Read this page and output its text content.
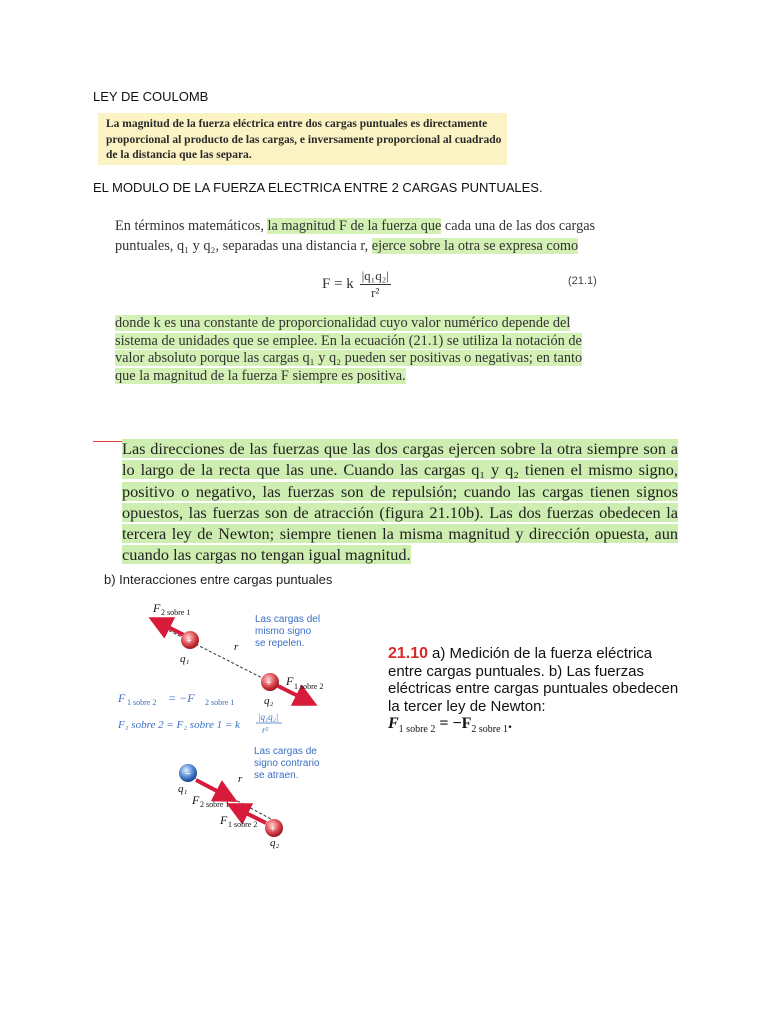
LEY DE COULOMB
La magnitud de la fuerza eléctrica entre dos cargas puntuales es directamente proporcional al producto de las cargas, e inversamente proporcional al cuadrado de la distancia que las separa.
EL MODULO DE LA FUERZA ELECTRICA ENTRE 2 CARGAS PUNTUALES.
En términos matemáticos, la magnitud F de la fuerza que cada una de las dos cargas puntuales, q₁ y q₂, separadas una distancia r, ejerce sobre la otra se expresa como
F = k $\frac{\text{|q₁q₂|}}{\text{r²}}$	(21.1)
donde k es una constante de proporcionalidad cuyo valor numérico depende del sistema de unidades que se emplee. En la ecuación (21.1) se utiliza la notación de valor absoluto porque las cargas q₁ y q₂ pueden ser positivas o negativas; en tanto que la magnitud de la fuerza F siempre es positiva.
Las direcciones de las fuerzas que las dos cargas ejercen sobre la otra siempre son a lo largo de la recta que las une. Cuando las cargas q₁ y q₂ tienen el mismo signo, positivo o negativo, las fuerzas son de repulsión; cuando las cargas tienen signos opuestos, las fuerzas son de atracción (figura 21.10b). Las dos fuerzas obedecen la tercera ley de Newton; siempre tienen la misma magnitud y dirección opuesta, aun cuando las cargas no tengan igual magnitud.
b) Interacciones entre cargas puntuales
+
+
F 2 sobre 1
q₁
q₂
r
F 1 sobre 2
Las cargas del mismo signo se repelen.
F 1 sobre 2 = −F 2 sobre 1
F₁ sobre 2 = F₂ sobre 1 = k
|q₁q₂|
r²
−
+
q₁
q₂
r
F 2 sobre 1
F 1 sobre 2
Las cargas de signo contrario se atraen.
21.10 a) Medición de la fuerza eléctrica entre cargas puntuales. b) Las fuerzas eléctricas entre cargas puntuales obedecen la tercer ley de Newton:
$F_{1 sobre 2} = -F_{2 sobre 1}$.
